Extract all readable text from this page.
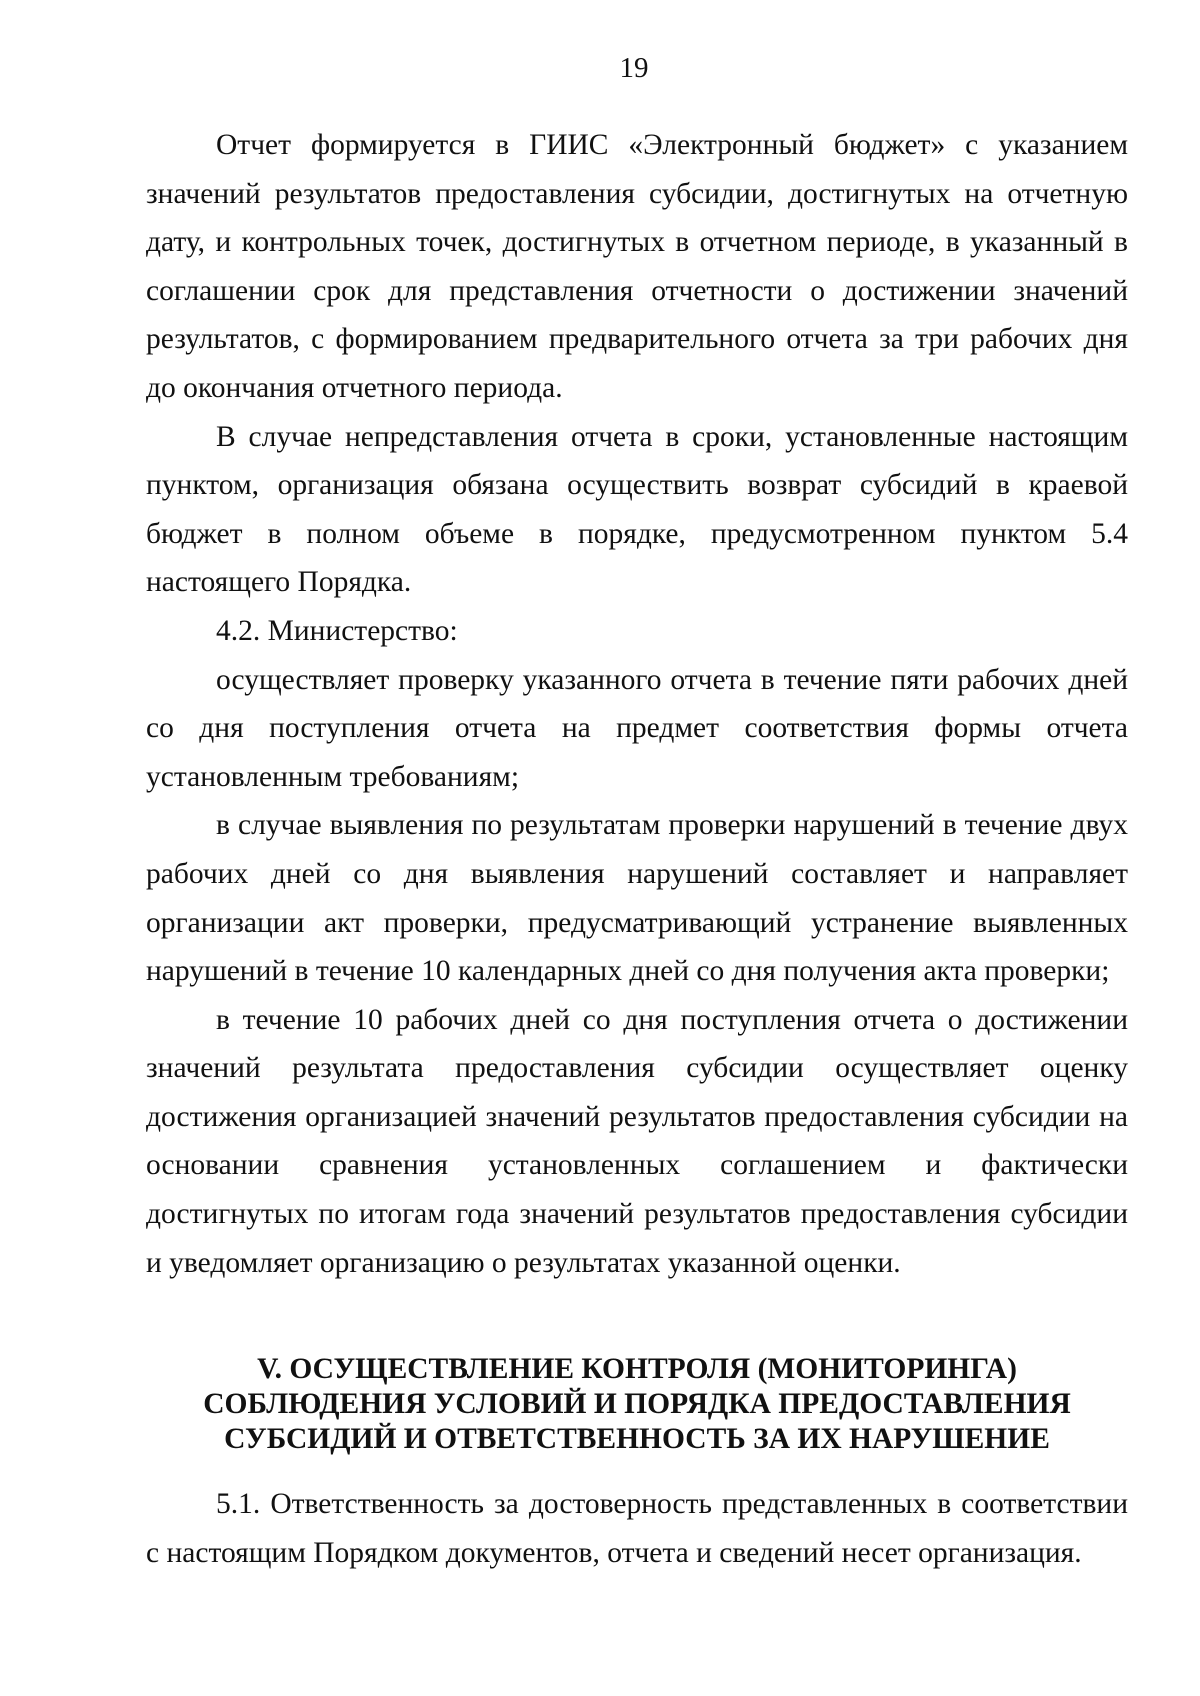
19

Отчет формируется в ГИИС «Электронный бюджет» с указанием значений результатов предоставления субсидии, достигнутых на отчетную дату, и контрольных точек, достигнутых в отчетном периоде, в указанный в соглашении срок для представления отчетности о достижении значений результатов, с формированием предварительного отчета за три рабочих дня до окончания отчетного периода.

В случае непредставления отчета в сроки, установленные настоящим пунктом, организация обязана осуществить возврат субсидий в краевой бюджет в полном объеме в порядке, предусмотренном пунктом 5.4 настоящего Порядка.

4.2. Министерство:

осуществляет проверку указанного отчета в течение пяти рабочих дней со дня поступления отчета на предмет соответствия формы отчета установленным требованиям;

в случае выявления по результатам проверки нарушений в течение двух рабочих дней со дня выявления нарушений составляет и направляет организации акт проверки, предусматривающий устранение выявленных нарушений в течение 10 календарных дней со дня получения акта проверки;

в течение 10 рабочих дней со дня поступления отчета о достижении значений результата предоставления субсидии осуществляет оценку достижения организацией значений результатов предоставления субсидии на основании сравнения установленных соглашением и фактически достигнутых по итогам года значений результатов предоставления субсидии и уведомляет организацию о результатах указанной оценки.

V. ОСУЩЕСТВЛЕНИЕ КОНТРОЛЯ (МОНИТОРИНГА)
СОБЛЮДЕНИЯ УСЛОВИЙ И ПОРЯДКА ПРЕДОСТАВЛЕНИЯ
СУБСИДИЙ И ОТВЕТСТВЕННОСТЬ ЗА ИХ НАРУШЕНИЕ

5.1. Ответственность за достоверность представленных в соответствии с настоящим Порядком документов, отчета и сведений несет организация.
